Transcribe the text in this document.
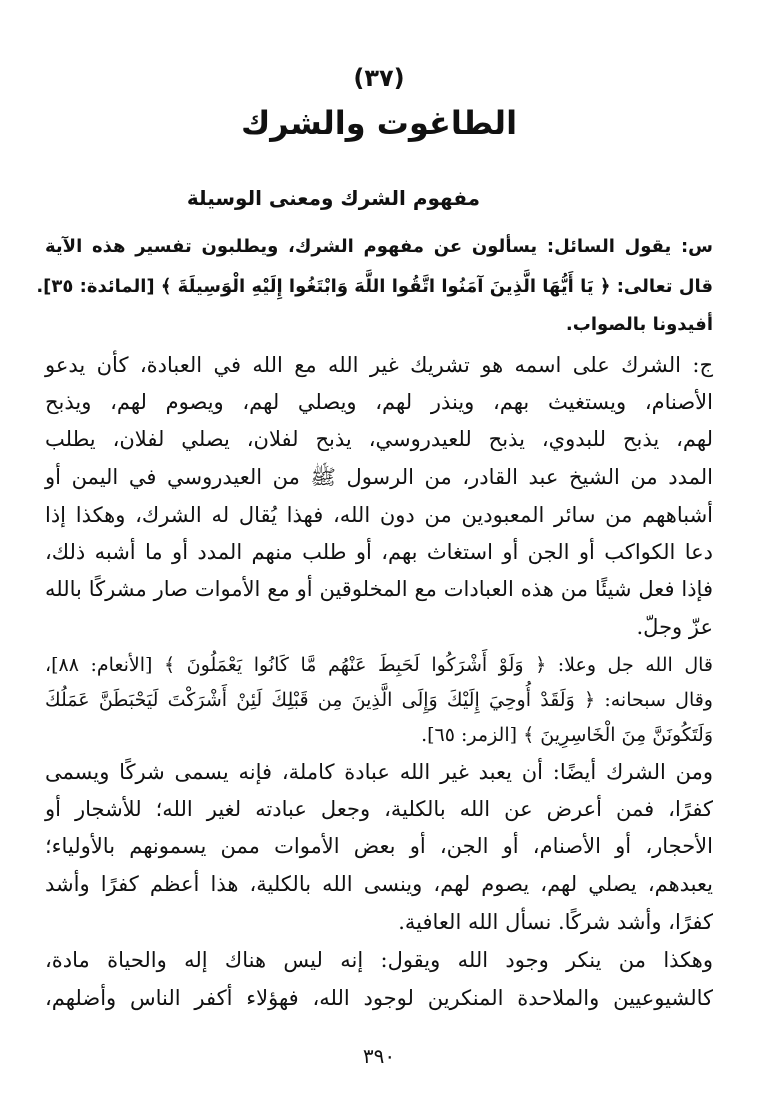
(٣٧)
الطاغوت والشرك
مفهوم الشرك ومعنى الوسيلة
س: يقول السائل: يسألون عن مفهوم الشرك، ويطلبون تفسير هذه الآية
قال تعالى: ﴿ يَا أَيُّهَا الَّذِينَ آمَنُوا اتَّقُوا اللَّهَ وَابْتَغُوا إِلَيْهِ الْوَسِيلَةَ ﴾ [المائدة: ٣٥].
أفيدونا بالصواب.
ج: الشرك على اسمه هو تشريك غير الله مع الله في العبادة، كأن يدعو
الأصنام، ويستغيث بهم، وينذر لهم، ويصلي لهم، ويصوم لهم، ويذبح
لهم، يذبح للبدوي، يذبح للعيدروسي، يذبح لفلان، يصلي لفلان، يطلب
المدد من الشيخ عبد القادر، من الرسول ﷺ من العيدروسي في اليمن أو
أشباههم من سائر المعبودين من دون الله، فهذا يُقال له الشرك، وهكذا إذا
دعا الكواكب أو الجن أو استغاث بهم، أو طلب منهم المدد أو ما أشبه ذلك،
فإذا فعل شيئًا من هذه العبادات مع المخلوقين أو مع الأموات صار مشركًا بالله
عزّ وجلّ.
قال الله جل وعلا: ﴿ وَلَوْ أَشْرَكُوا لَحَبِطَ عَنْهُم مَّا كَانُوا يَعْمَلُونَ ﴾ [الأنعام: ٨٨]،
وقال سبحانه: ﴿ وَلَقَدْ أُوحِيَ إِلَيْكَ وَإِلَى الَّذِينَ مِن قَبْلِكَ لَئِنْ أَشْرَكْتَ لَيَحْبَطَنَّ عَمَلُكَ
وَلَتَكُونَنَّ مِنَ الْخَاسِرِينَ ﴾ [الزمر: ٦٥].
ومن الشرك أيضًا: أن يعبد غير الله عبادة كاملة، فإنه يسمى شركًا ويسمى
كفرًا، فمن أعرض عن الله بالكلية، وجعل عبادته لغير الله؛ للأشجار أو
الأحجار، أو الأصنام، أو الجن، أو بعض الأموات ممن يسمونهم بالأولياء؛
يعبدهم، يصلي لهم، يصوم لهم، وينسى الله بالكلية، هذا أعظم كفرًا وأشد
كفرًا، وأشد شركًا. نسأل الله العافية.
وهكذا من ينكر وجود الله ويقول: إنه ليس هناك إله والحياة مادة،
كالشيوعيين والملاحدة المنكرين لوجود الله، فهؤلاء أكفر الناس وأضلهم،
٣٩٠
